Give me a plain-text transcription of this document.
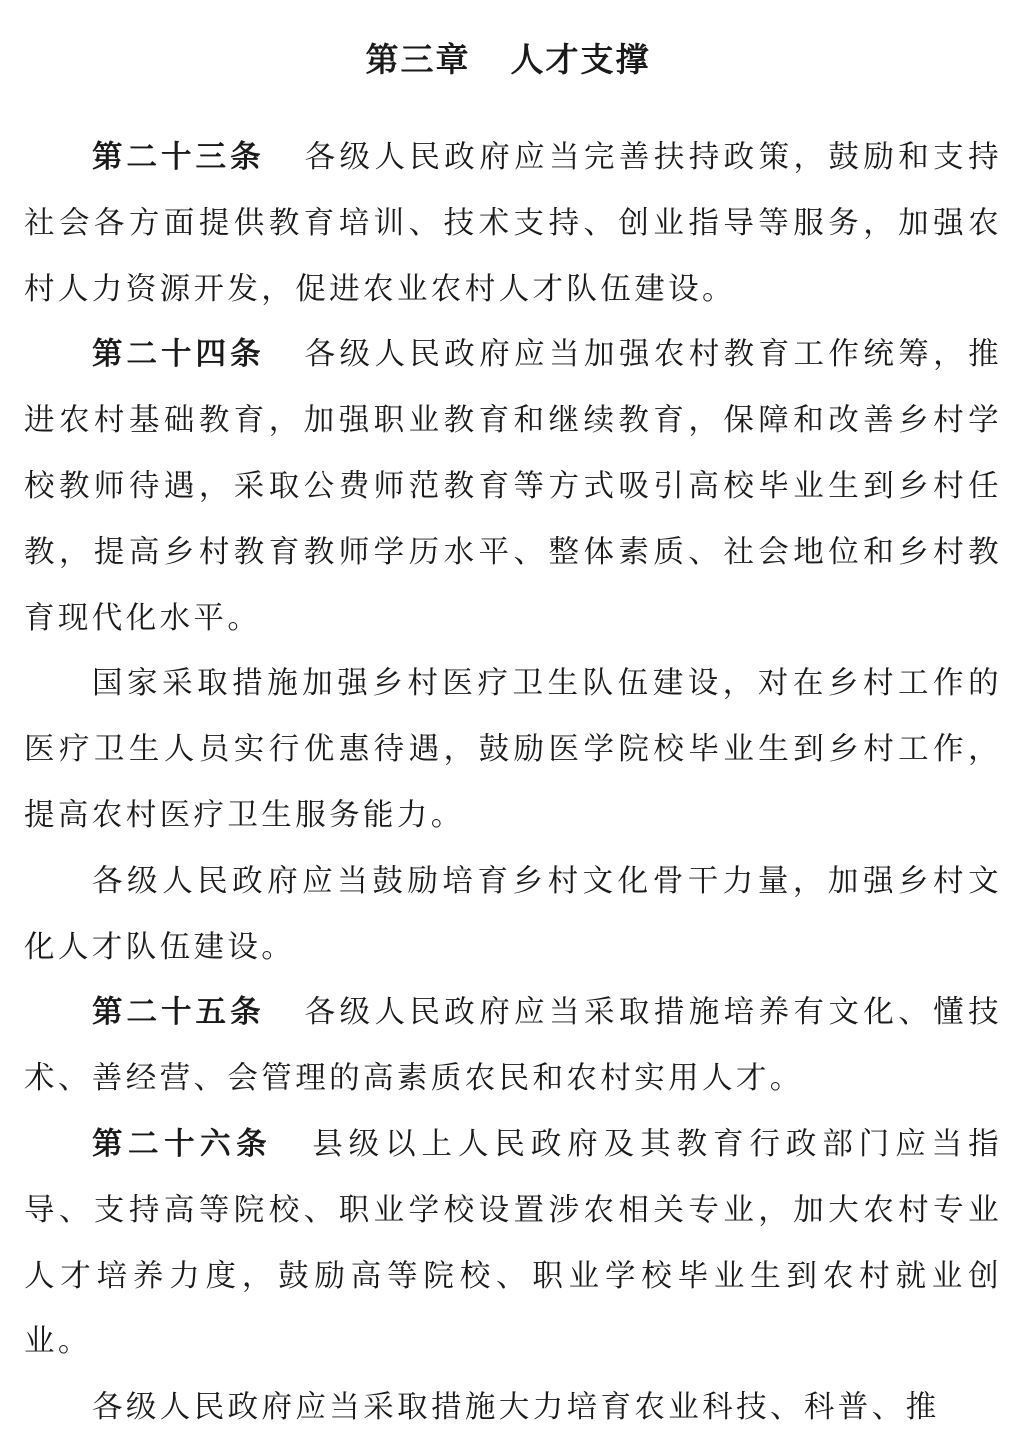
第三章 人才支撑

第二十三条 各级人民政府应当完善扶持政策，鼓励和支持社会各方面提供教育培训、技术支持、创业指导等服务，加强农村人力资源开发，促进农业农村人才队伍建设。

第二十四条 各级人民政府应当加强农村教育工作统筹，推进农村基础教育，加强职业教育和继续教育，保障和改善乡村学校教师待遇，采取公费师范教育等方式吸引高校毕业生到乡村任教，提高乡村教育教师学历水平、整体素质、社会地位和乡村教育现代化水平。

国家采取措施加强乡村医疗卫生队伍建设，对在乡村工作的医疗卫生人员实行优惠待遇，鼓励医学院校毕业生到乡村工作，提高农村医疗卫生服务能力。

各级人民政府应当鼓励培育乡村文化骨干力量，加强乡村文化人才队伍建设。

第二十五条 各级人民政府应当采取措施培养有文化、懂技术、善经营、会管理的高素质农民和农村实用人才。

第二十六条 县级以上人民政府及其教育行政部门应当指导、支持高等院校、职业学校设置涉农相关专业，加大农村专业人才培养力度，鼓励高等院校、职业学校毕业生到农村就业创业。

各级人民政府应当采取措施大力培育农业科技、科普、推
